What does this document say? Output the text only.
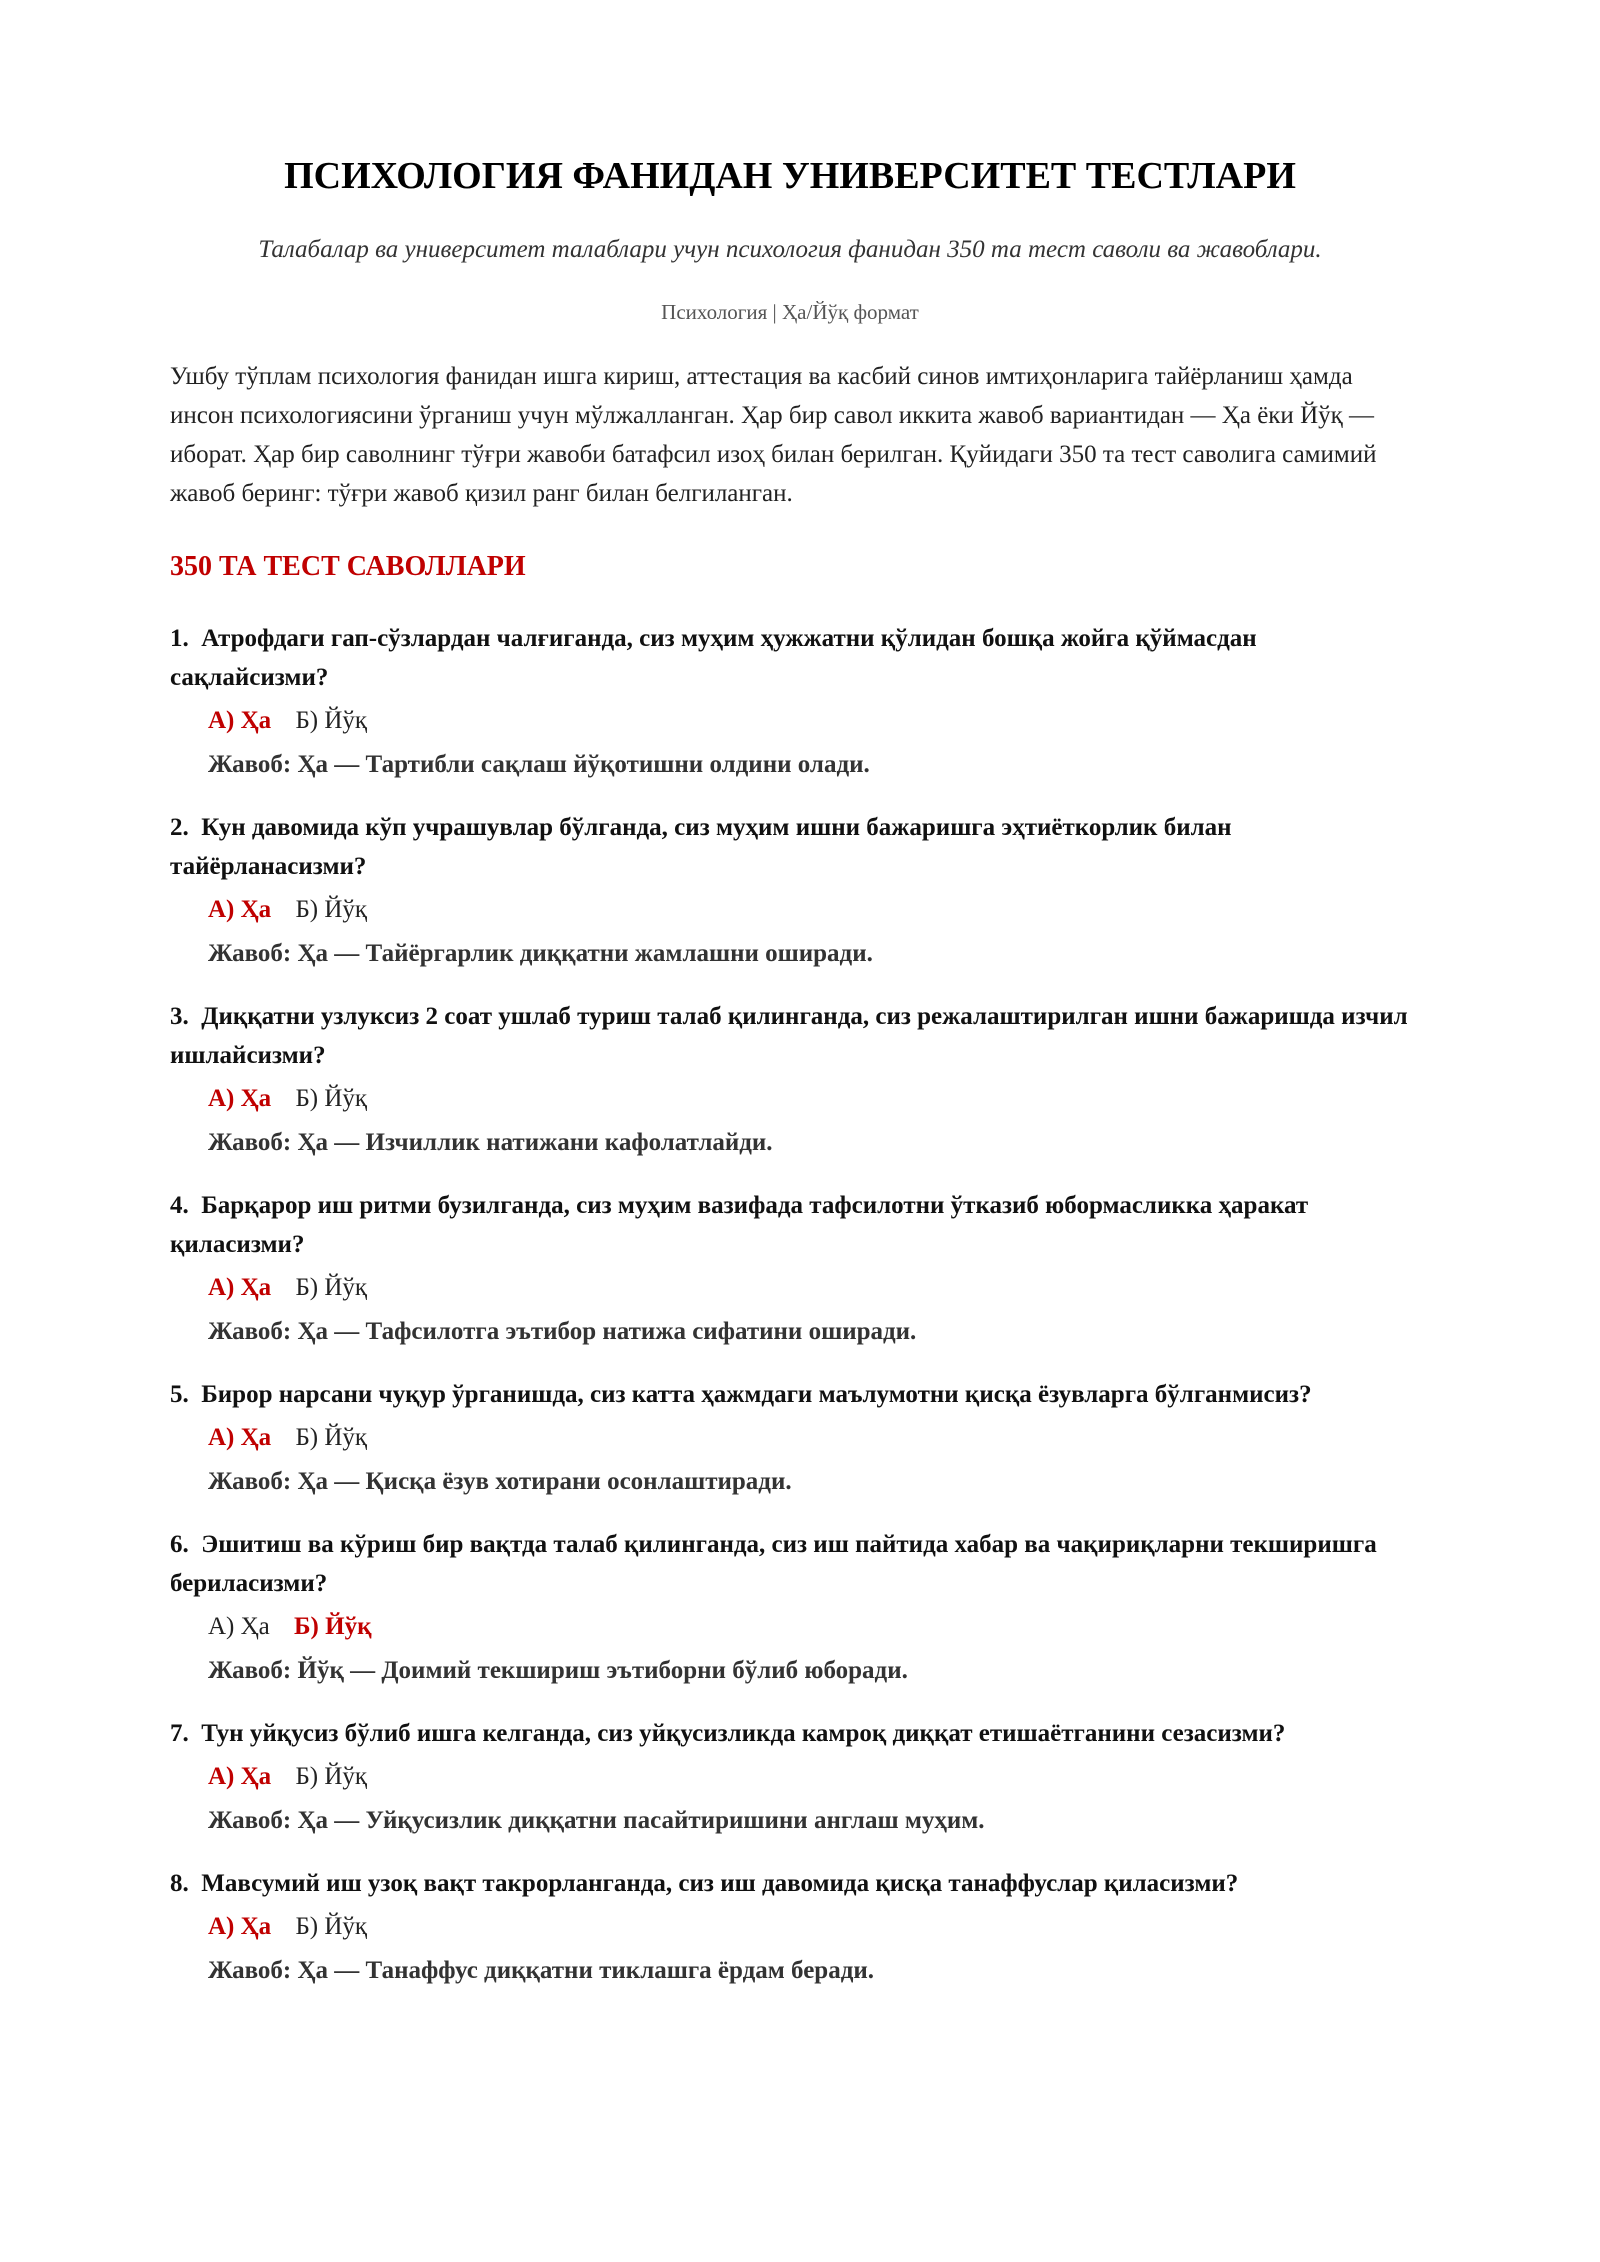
ПСИХОЛОГИЯ ФАНИДАН УНИВЕРСИТЕТ ТЕСТЛАРИ
Талабалар ва университет талаблари учун психология фанидан 350 та тест саволи ва жавоблари.
Психология | Ҳа/Йўқ формат
Ушбу тўплам психология фанидан ишга кириш, аттестация ва касбий синов имтиҳонларига тайёрланиш ҳамда инсон психологиясини ўрганиш учун мўлжалланган. Ҳар бир савол иккита жавоб вариантидан — Ҳа ёки Йўқ — иборат. Ҳар бир саволнинг тўғри жавоби батафсил изоҳ билан берилган. Қуйидаги 350 та тест саволига самимий жавоб беринг: тўғри жавоб қизил ранг билан белгиланган.
350 ТА ТЕСТ САВОЛЛАРИ
1. Атрофдаги гап-сўзлардан чалғиганда, сиз муҳим ҳужжатни қўлидан бошқа жойга қўймасдан сақлайсизми?
А) Ҳа Б) Йўқ
Жавоб: Ҳа — Тартибли сақлаш йўқотишни олдини олади.
2. Кун давомида кўп учрашувлар бўлганда, сиз муҳим ишни бажаришга эҳтиёткорлик билан тайёрланасизми?
А) Ҳа Б) Йўқ
Жавоб: Ҳа — Тайёргарлик диққатни жамлашни оширади.
3. Диққатни узлуксиз 2 соат ушлаб туриш талаб қилинганда, сиз режалаштирилган ишни бажаришда изчил ишлайсизми?
А) Ҳа Б) Йўқ
Жавоб: Ҳа — Изчиллик натижани кафолатлайди.
4. Барқарор иш ритми бузилганда, сиз муҳим вазифада тафсилотни ўтказиб юбормасликка ҳаракат қиласизми?
А) Ҳа Б) Йўқ
Жавоб: Ҳа — Тафсилотга эътибор натижа сифатини оширади.
5. Бирор нарсани чуқур ўрганишда, сиз катта ҳажмдаги маълумотни қисқа ёзувларга бўлганмисиз?
А) Ҳа Б) Йўқ
Жавоб: Ҳа — Қисқа ёзув хотирани осонлаштиради.
6. Эшитиш ва кўриш бир вақтда талаб қилинганда, сиз иш пайтида хабар ва чақириқларни текширишга бериласизми?
А) Ҳа Б) Йўқ
Жавоб: Йўқ — Доимий текшириш эътиборни бўлиб юборади.
7. Тун уйқусиз бўлиб ишга келганда, сиз уйқусизликда камроқ диққат етишаётганини сезасизми?
А) Ҳа Б) Йўқ
Жавоб: Ҳа — Уйқусизлик диққатни пасайтиришини англаш муҳим.
8. Мавсумий иш узоқ вақт такрорланганда, сиз иш давомида қисқа танаффуслар қиласизми?
А) Ҳа Б) Йўқ
Жавоб: Ҳа — Танаффус диққатни тиклашга ёрдам беради.
